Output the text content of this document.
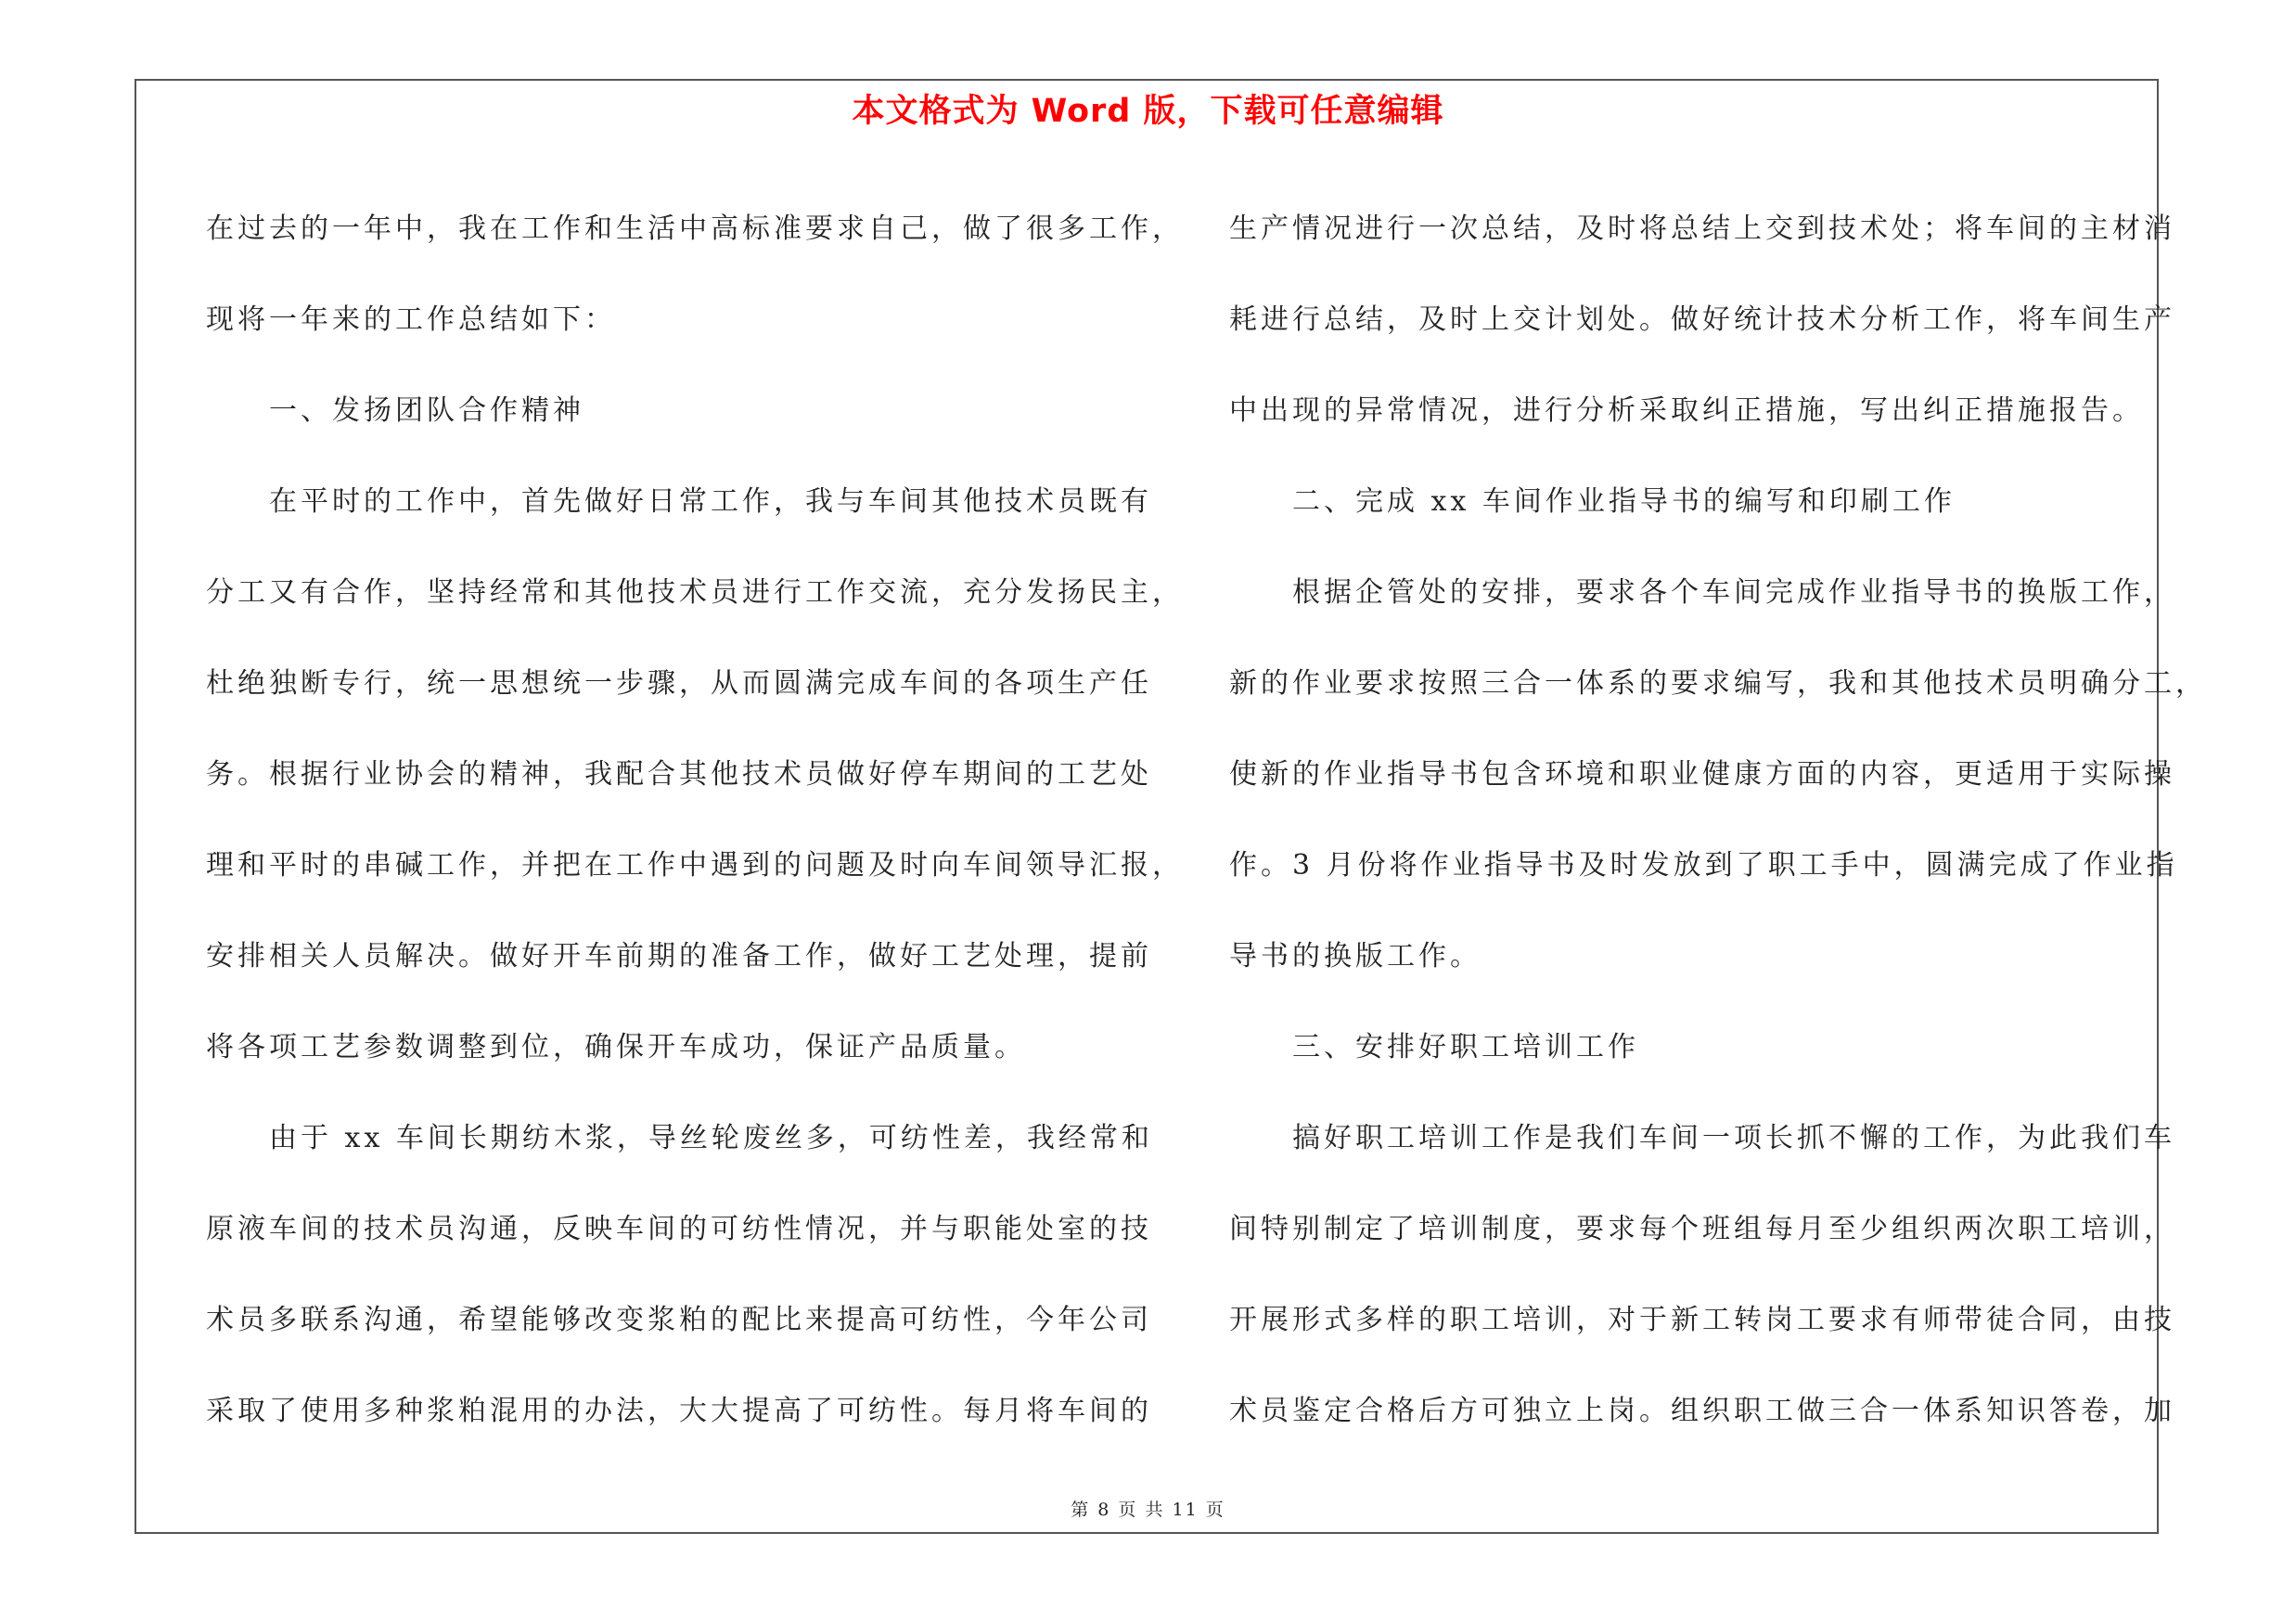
本文格式为 Word 版，下载可任意编辑
在过去的一年中，我在工作和生活中高标准要求自己，做了很多工作，
现将一年来的工作总结如下：
　　一、发扬团队合作精神
　　在平时的工作中，首先做好日常工作，我与车间其他技术员既有
分工又有合作，坚持经常和其他技术员进行工作交流，充分发扬民主，
杜绝独断专行，统一思想统一步骤，从而圆满完成车间的各项生产任
务。根据行业协会的精神，我配合其他技术员做好停车期间的工艺处
理和平时的串碱工作，并把在工作中遇到的问题及时向车间领导汇报，
安排相关人员解决。做好开车前期的准备工作，做好工艺处理，提前
将各项工艺参数调整到位，确保开车成功，保证产品质量。
　　由于 xx 车间长期纺木浆，导丝轮废丝多，可纺性差，我经常和
原液车间的技术员沟通，反映车间的可纺性情况，并与职能处室的技
术员多联系沟通，希望能够改变浆粕的配比来提高可纺性，今年公司
采取了使用多种浆粕混用的办法，大大提高了可纺性。每月将车间的
生产情况进行一次总结，及时将总结上交到技术处；将车间的主材消
耗进行总结，及时上交计划处。做好统计技术分析工作，将车间生产
中出现的异常情况，进行分析采取纠正措施，写出纠正措施报告。
　　二、完成 xx 车间作业指导书的编写和印刷工作
　　根据企管处的安排，要求各个车间完成作业指导书的换版工作，
新的作业要求按照三合一体系的要求编写，我和其他技术员明确分工，
使新的作业指导书包含环境和职业健康方面的内容，更适用于实际操
作。3 月份将作业指导书及时发放到了职工手中，圆满完成了作业指
导书的换版工作。
　　三、安排好职工培训工作
　　搞好职工培训工作是我们车间一项长抓不懈的工作，为此我们车
间特别制定了培训制度，要求每个班组每月至少组织两次职工培训，
开展形式多样的职工培训，对于新工转岗工要求有师带徒合同，由技
术员鉴定合格后方可独立上岗。组织职工做三合一体系知识答卷，加
第 8 页 共 11 页
